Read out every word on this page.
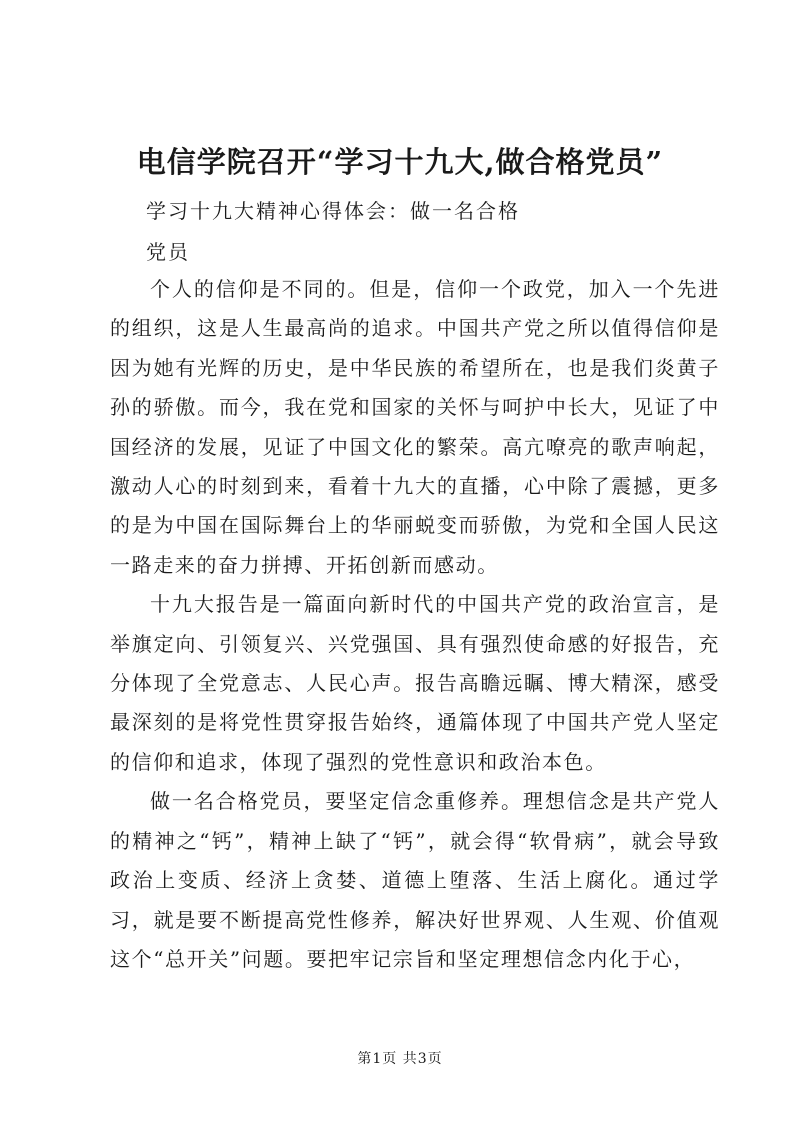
电信学院召开“学习十九大,做合格党员”
学习十九大精神心得体会：做一名合格
党员

个人的信仰是不同的。但是，信仰一个政党，加入一个先进的组织，这是人生最高尚的追求。中国共产党之所以值得信仰是因为她有光辉的历史，是中华民族的希望所在，也是我们炎黄子孙的骄傲。而今，我在党和国家的关怀与呵护中长大，见证了中国经济的发展，见证了中国文化的繁荣。高亢嘹亮的歌声响起，激动人心的时刻到来，看着十九大的直播，心中除了震撼，更多的是为中国在国际舞台上的华丽蜕变而骄傲，为党和全国人民这一路走来的奋力拼搏、开拓创新而感动。

十九大报告是一篇面向新时代的中国共产党的政治宣言，是举旗定向、引领复兴、兴党强国、具有强烈使命感的好报告，充分体现了全党意志、人民心声。报告高瞻远瞩、博大精深，感受最深刻的是将党性贯穿报告始终，通篇体现了中国共产党人坚定的信仰和追求，体现了强烈的党性意识和政治本色。

做一名合格党员，要坚定信念重修养。理想信念是共产党人的精神之“钙”，精神上缺了“钙”，就会得“软骨病”，就会导致政治上变质、经济上贪婪、道德上堕落、生活上腐化。通过学习，就是要不断提高党性修养，解决好世界观、人生观、价值观这个“总开关”问题。要把牢记宗旨和坚定理想信念内化于心，

第1页 共3页
